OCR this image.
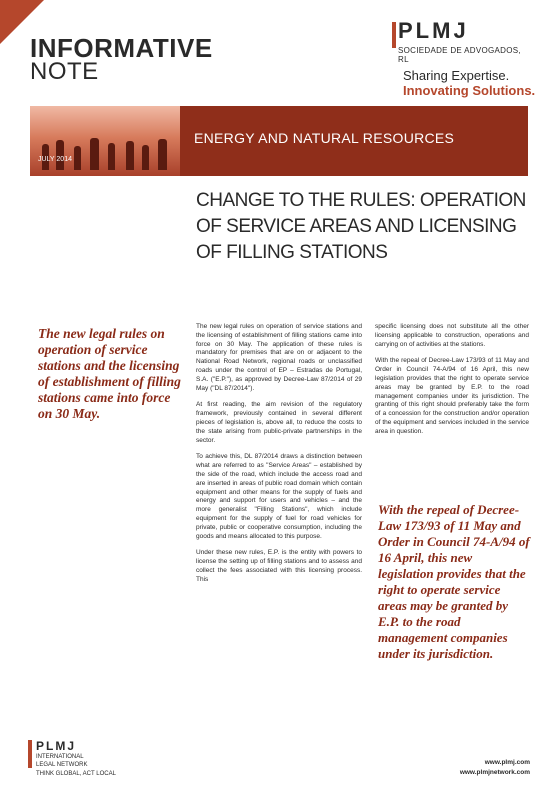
INFORMATIVE
NOTE
PLMJ
SOCIEDADE DE ADVOGADOS, RL
Sharing Expertise.
Innovating Solutions.
JULY 2014
ENERGY AND NATURAL RESOURCES
CHANGE TO THE RULES: OPERATION OF SERVICE AREAS AND LICENSING OF FILLING STATIONS
The new legal rules on operation of service stations and the licensing of establishment of filling stations came into force on 30 May.

The new legal rules on operation of service stations and the licensing of establishment of filling stations came into force on 30 May. The application of these rules is mandatory for premises that are on or adjacent to the National Road Network, regional roads or unclassified roads under the control of EP – Estradas de Portugal, S.A. ("E.P."), as approved by Decree-Law 87/2014 of 29 May ("DL 87/2014").

At first reading, the aim revision of the regulatory framework, previously contained in several different pieces of legislation is, above all, to reduce the costs to the state arising from public-private partnerships in the sector.

To achieve this, DL 87/2014 draws a distinction between what are referred to as "Service Areas" – established by the side of the road, which include the access road and are inserted in areas of public road domain which contain equipment and other means for the supply of fuels and energy and support for users and vehicles – and the more generalist "Filling Stations", which include equipment for the supply of fuel for road vehicles for private, public or cooperative consumption, including the goods and means allocated to this purpose.

Under these new rules, E.P. is the entity with powers to license the setting up of filling stations and to assess and collect the fees associated with this licensing process. This

specific licensing does not substitute all the other licensing applicable to construction, operations and carrying on of activities at the stations.

With the repeal of Decree-Law 173/93 of 11 May and Order in Council 74-A/94 of 16 April, this new legislation provides that the right to operate service areas may be granted by E.P. to the road management companies under its jurisdiction. The granting of this right should preferably take the form of a concession for the construction and/or operation of the equipment and services included in the service area in question.

With the repeal of Decree-Law 173/93 of 11 May and Order in Council 74-A/94 of 16 April, this new legislation provides that the right to operate service areas may be granted by E.P. to the road management companies under its jurisdiction.
PLMJ
INTERNATIONAL
LEGAL NETWORK
THINK GLOBAL, ACT LOCAL
www.plmj.com
www.plmjnetwork.com
